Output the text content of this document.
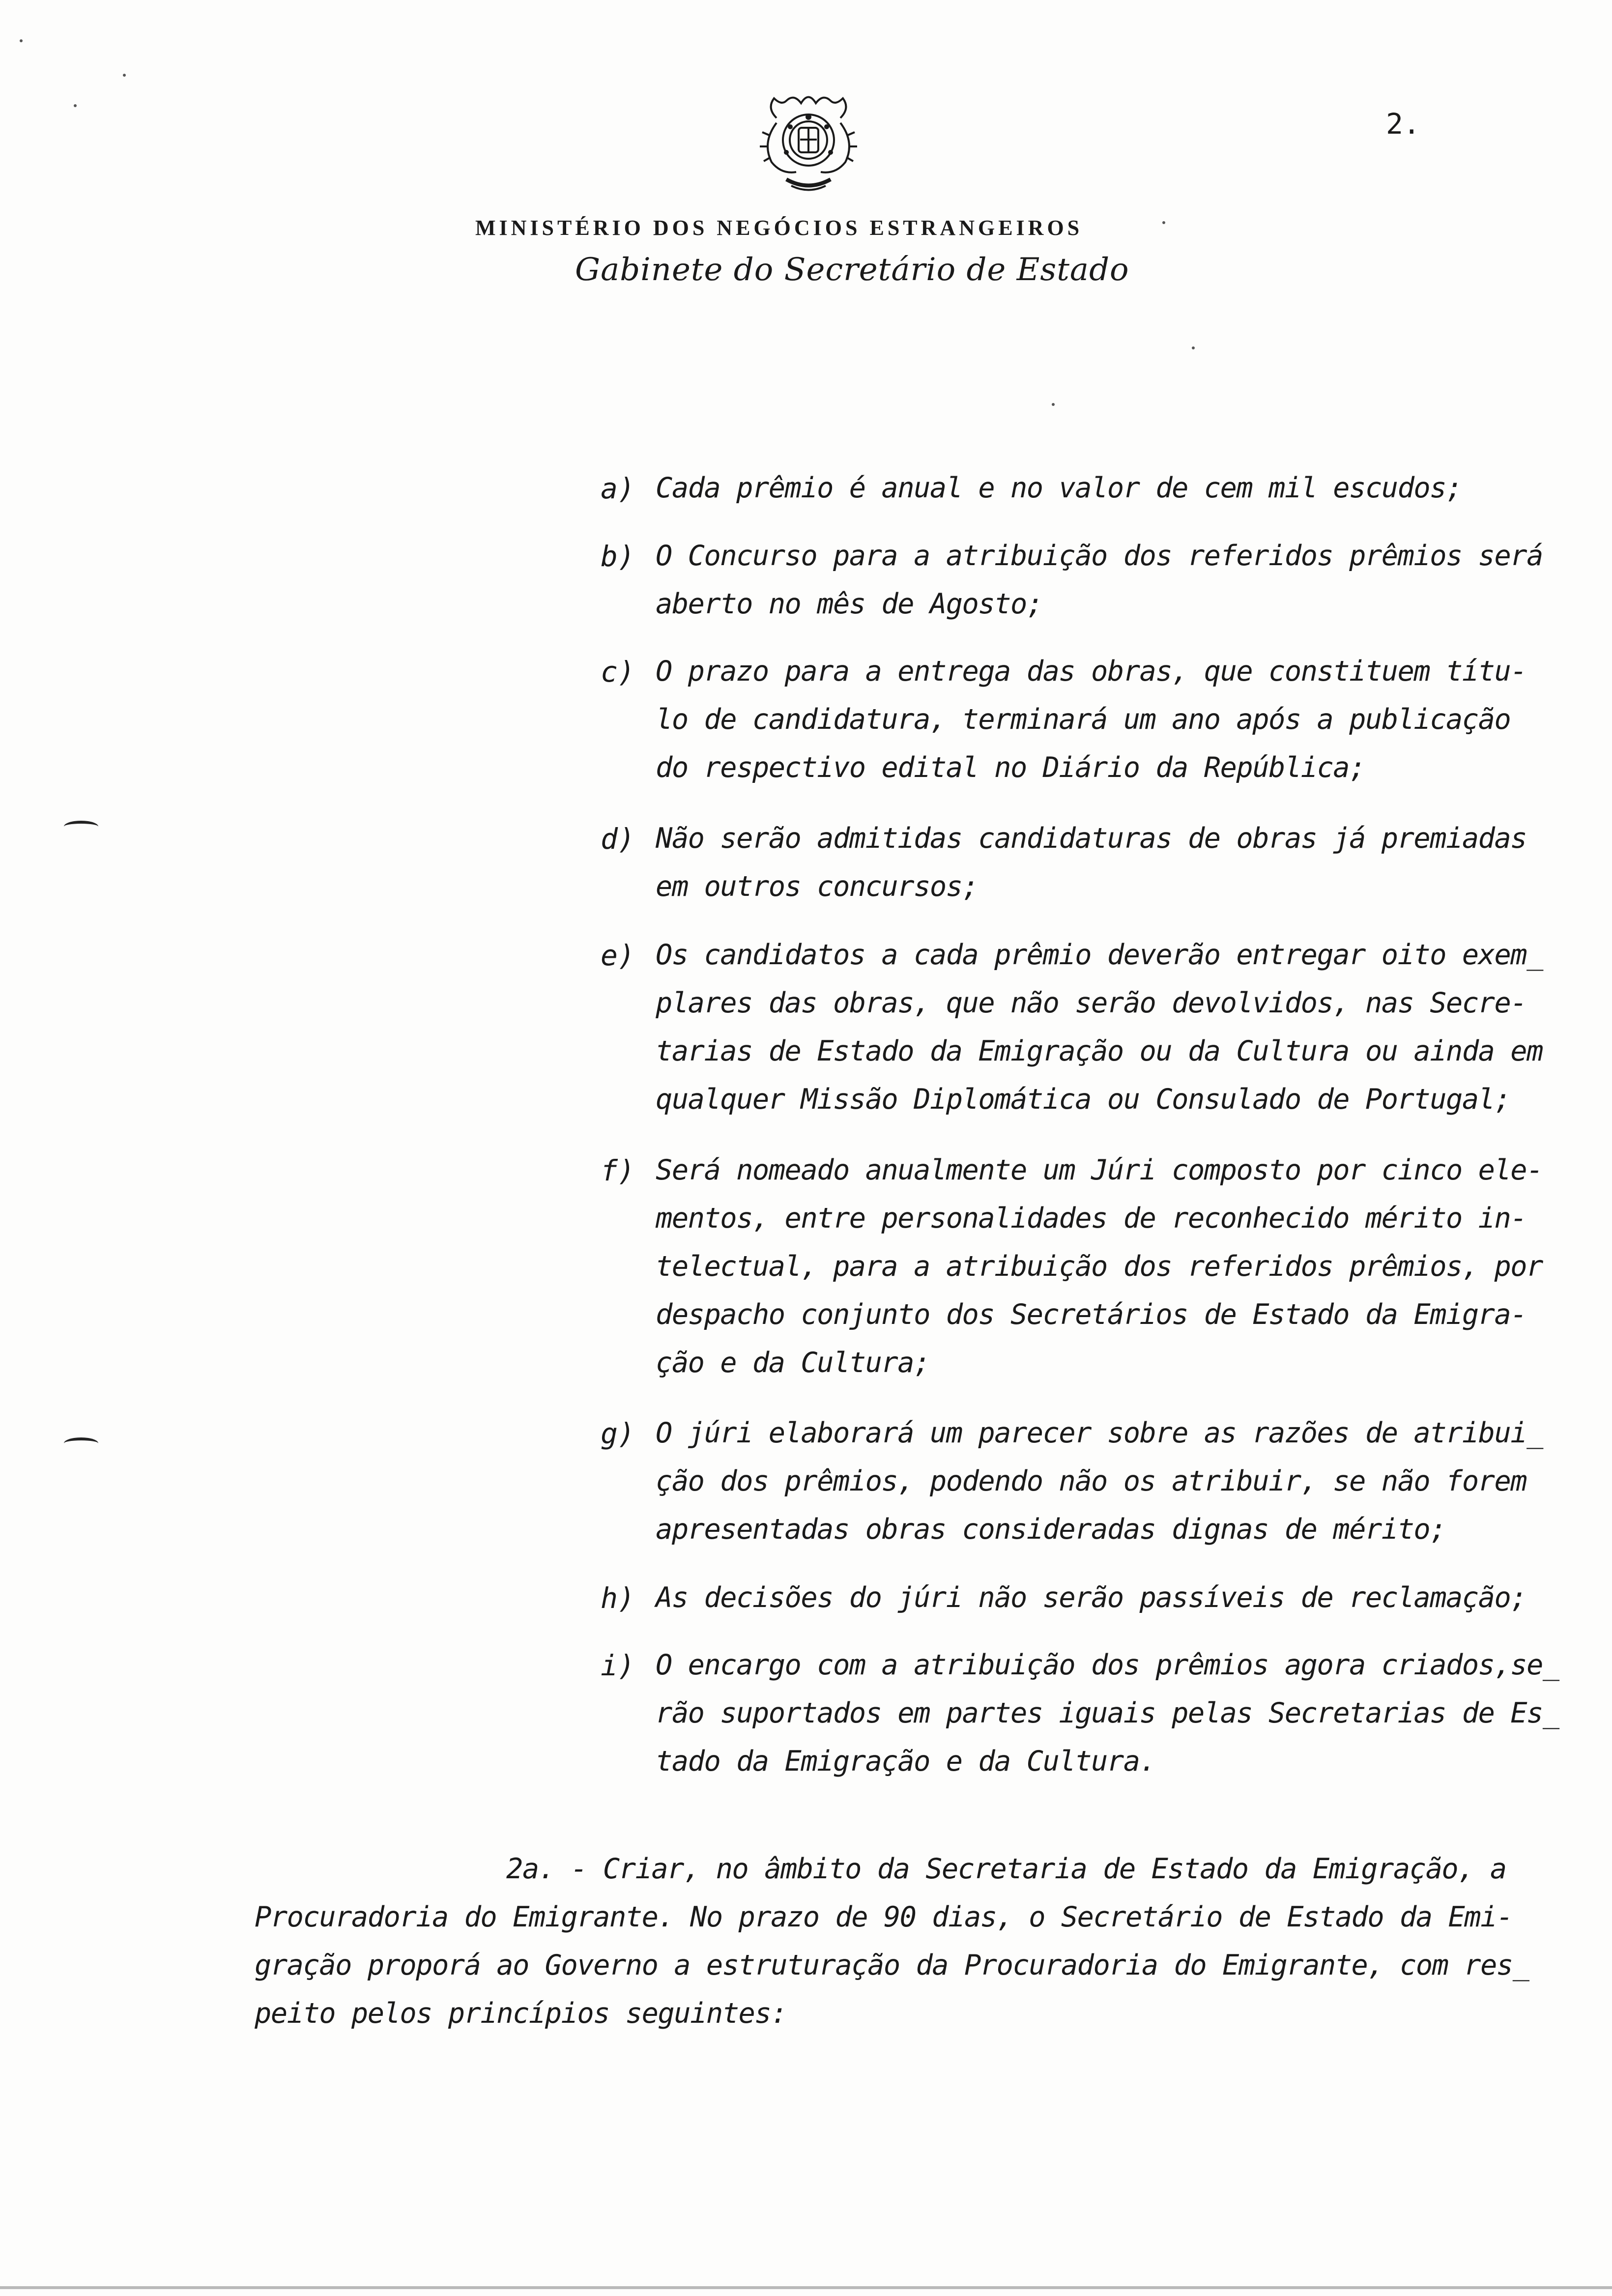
2.
MINISTÉRIO DOS NEGÓCIOS ESTRANGEIROS
Gabinete do Secretário de Estado
a) Cada prêmio é anual e no valor de cem mil escudos;
b) O Concurso para a atribuição dos referidos prêmios será
aberto no mês de Agosto;
c) O prazo para a entrega das obras, que constituem títu-
lo de candidatura, terminará um ano após a publicação
do respectivo edital no Diário da República;
d) Não serão admitidas candidaturas de obras já premiadas
em outros concursos;
e) Os candidatos a cada prêmio deverão entregar oito exem_
plares das obras, que não serão devolvidos, nas Secre-
tarias de Estado da Emigração ou da Cultura ou ainda em
qualquer Missão Diplomática ou Consulado de Portugal;
f) Será nomeado anualmente um Júri composto por cinco ele-
mentos, entre personalidades de reconhecido mérito in-
telectual, para a atribuição dos referidos prêmios, por
despacho conjunto dos Secretários de Estado da Emigra-
ção e da Cultura;
g) O júri elaborará um parecer sobre as razões de atribui_
ção dos prêmios, podendo não os atribuir, se não forem
apresentadas obras consideradas dignas de mérito;
h) As decisões do júri não serão passíveis de reclamação;
i) O encargo com a atribuição dos prêmios agora criados,se_
rão suportados em partes iguais pelas Secretarias de Es_
tado da Emigração e da Cultura.
2a. - Criar, no âmbito da Secretaria de Estado da Emigração, a
Procuradoria do Emigrante. No prazo de 90 dias, o Secretário de Estado da Emi-
gração proporá ao Governo a estruturação da Procuradoria do Emigrante, com res_
peito pelos princípios seguintes:
